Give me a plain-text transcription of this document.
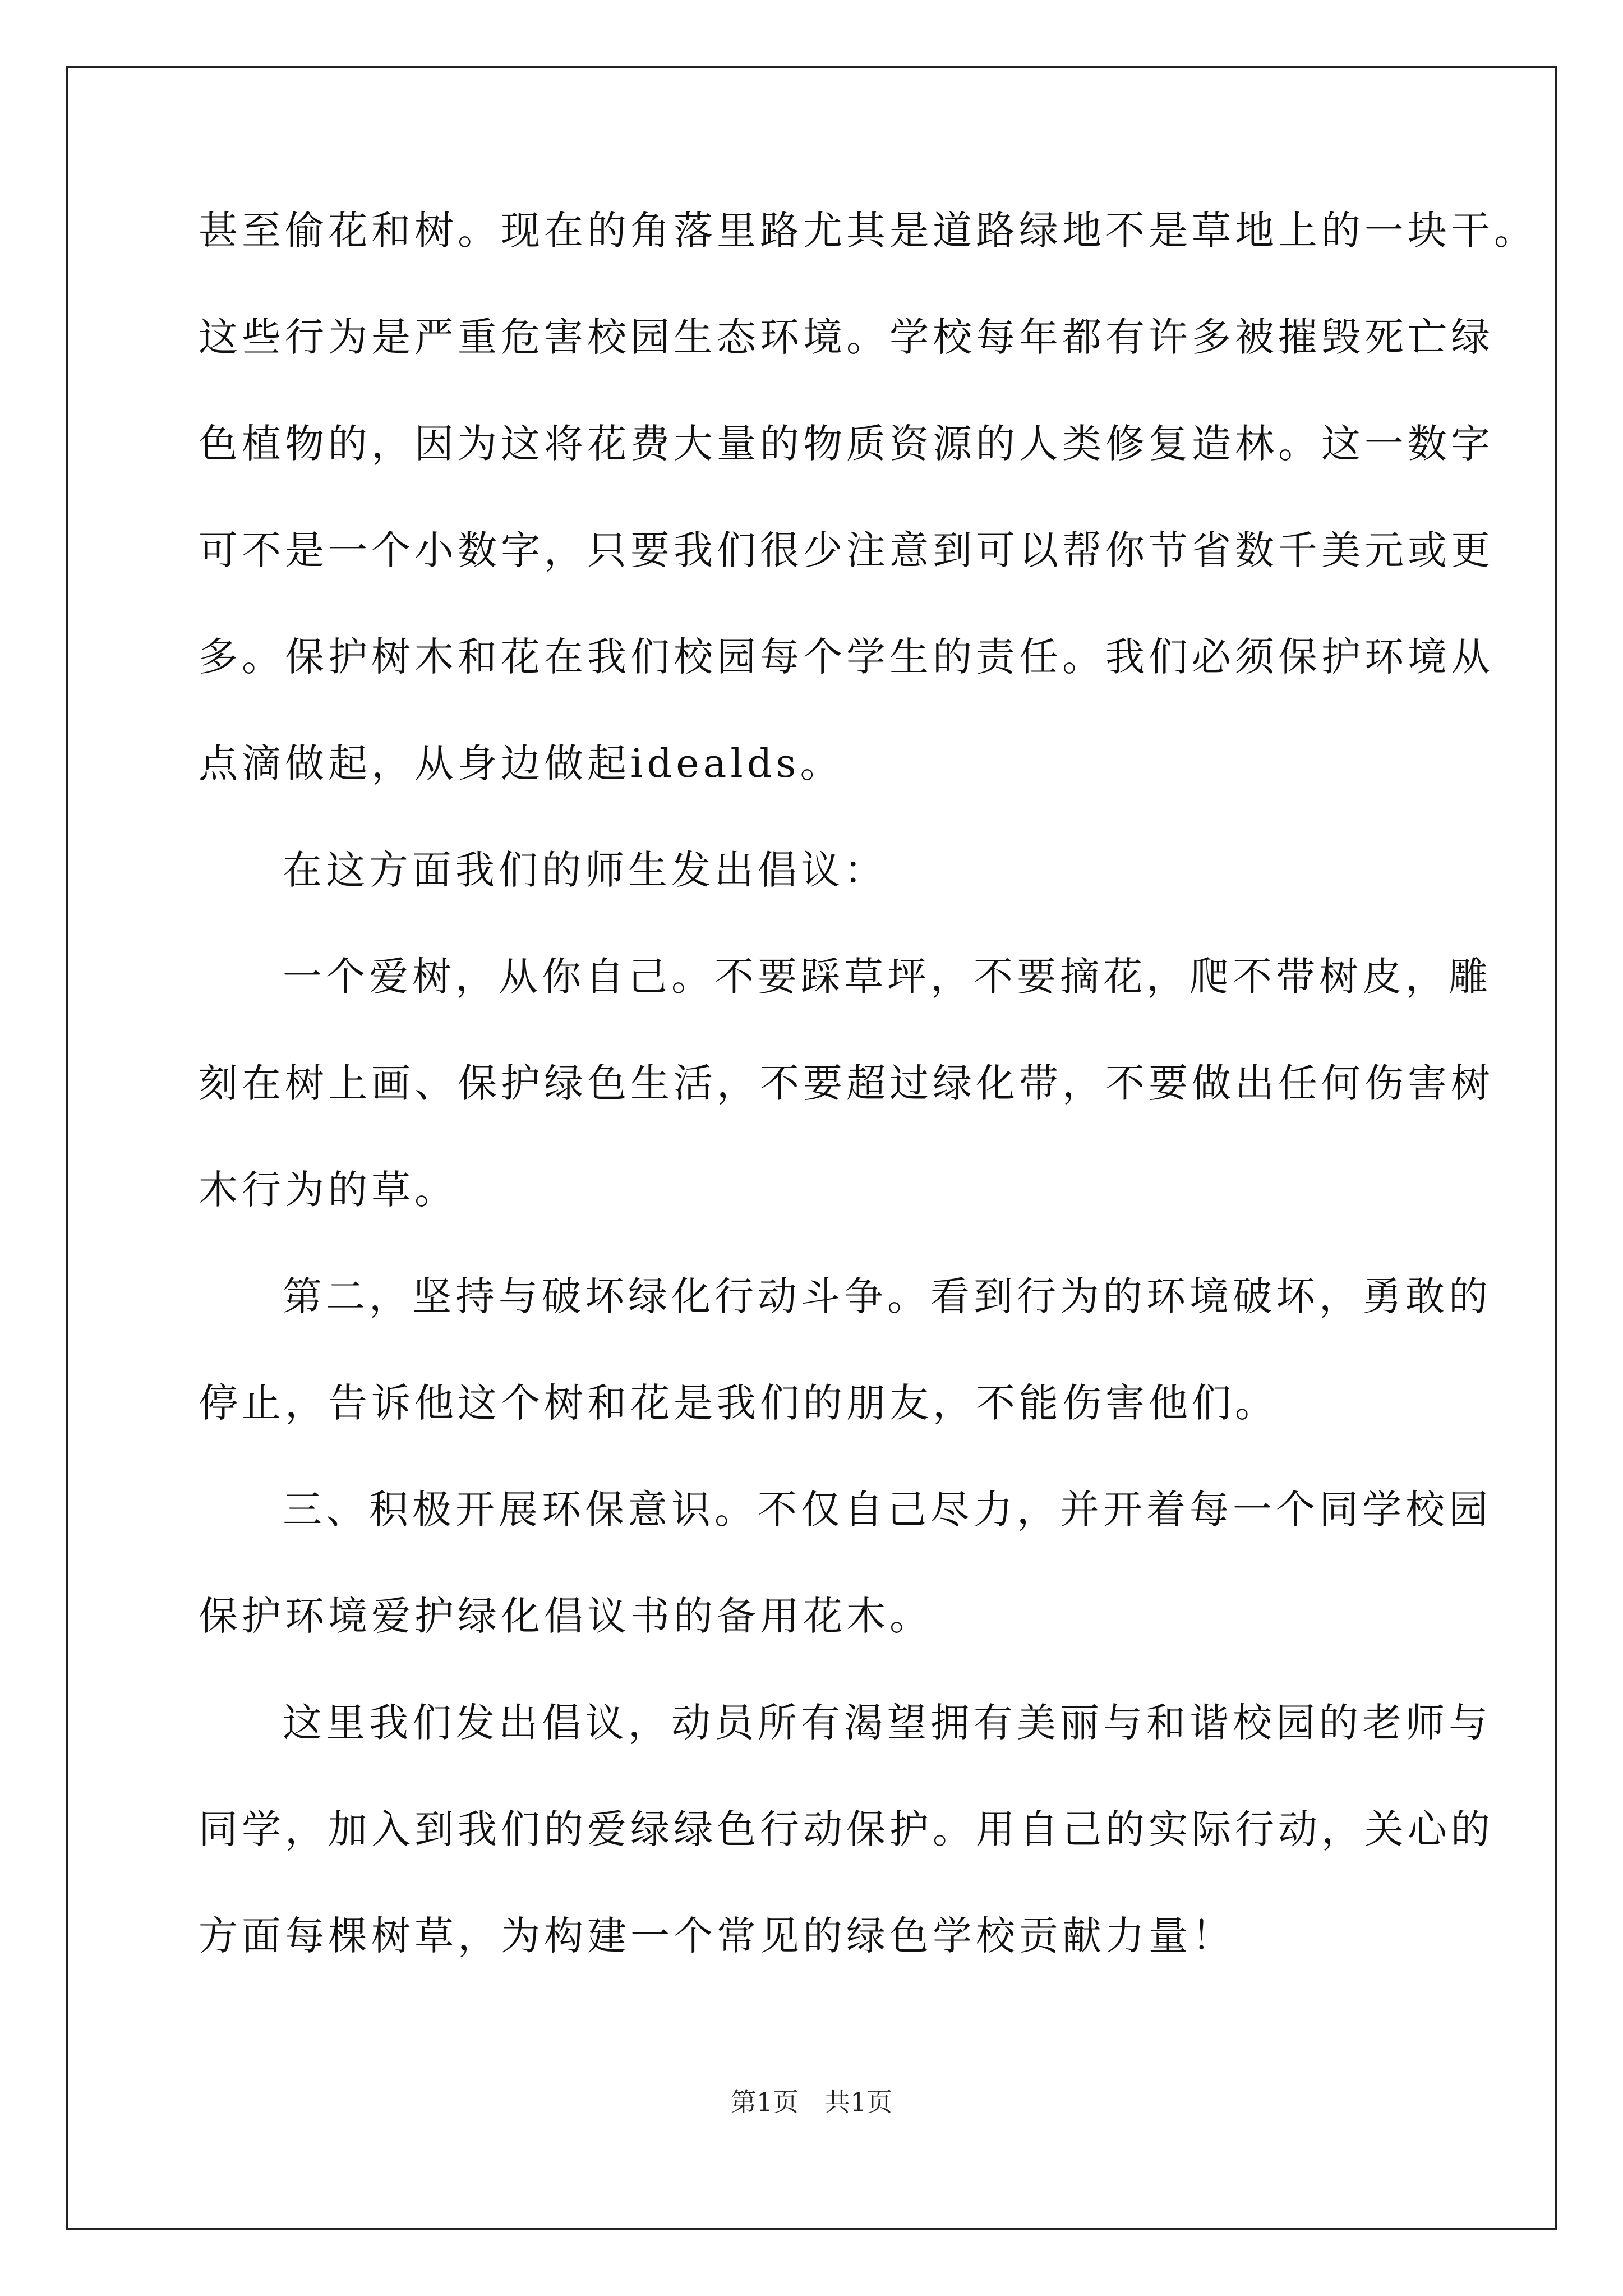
甚至偷花和树。现在的角落里路尤其是道路绿地不是草地上的一块干。
这些行为是严重危害校园生态环境。学校每年都有许多被摧毁死亡绿
色植物的，因为这将花费大量的物质资源的人类修复造林。这一数字
可不是一个小数字，只要我们很少注意到可以帮你节省数千美元或更
多。保护树木和花在我们校园每个学生的责任。我们必须保护环境从
点滴做起，从身边做起idealds。
在这方面我们的师生发出倡议：
一个爱树，从你自己。不要踩草坪，不要摘花，爬不带树皮，雕
刻在树上画、保护绿色生活，不要超过绿化带，不要做出任何伤害树
木行为的草。
第二，坚持与破坏绿化行动斗争。看到行为的环境破坏，勇敢的
停止，告诉他这个树和花是我们的朋友，不能伤害他们。
三、积极开展环保意识。不仅自己尽力，并开着每一个同学校园
保护环境爱护绿化倡议书的备用花木。
这里我们发出倡议，动员所有渴望拥有美丽与和谐校园的老师与
同学，加入到我们的爱绿绿色行动保护。用自己的实际行动，关心的
方面每棵树草，为构建一个常见的绿色学校贡献力量！
第1页　共1页
